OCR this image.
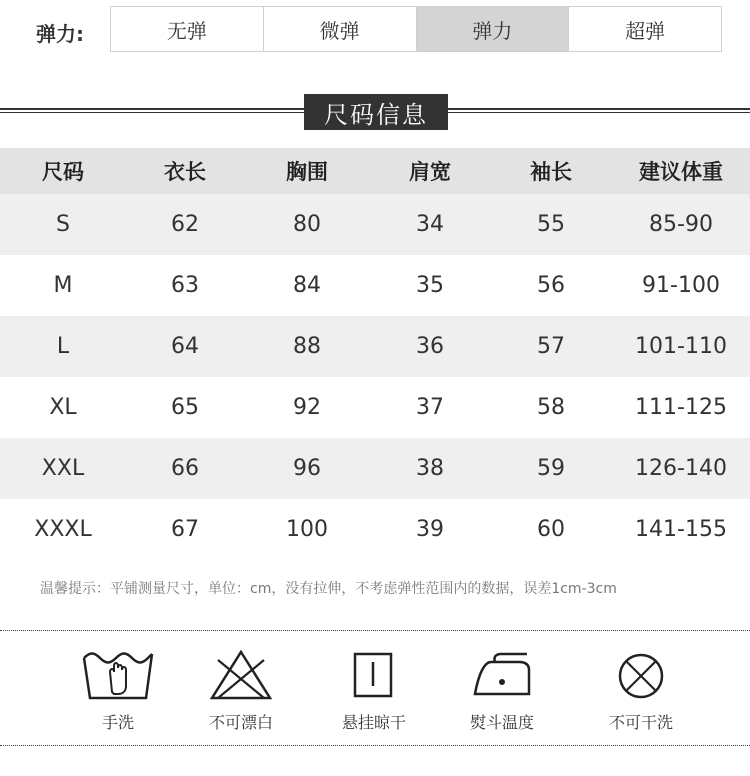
弹力:	无弹	微弹	弹力	超弹
尺码信息
尺码	衣长	胸围	肩宽	袖长	建议体重
S	62	80	34	55	85-90
M	63	84	35	56	91-100
L	64	88	36	57	101-110
XL	65	92	37	58	111-125
XXL	66	96	38	59	126-140
XXXL	67	100	39	60	141-155
温馨提示：平铺测量尺寸，单位：cm，没有拉伸，不考虑弹性范围内的数据，误差1cm-3cm
手洗	不可漂白	悬挂晾干	熨斗温度	不可干洗
